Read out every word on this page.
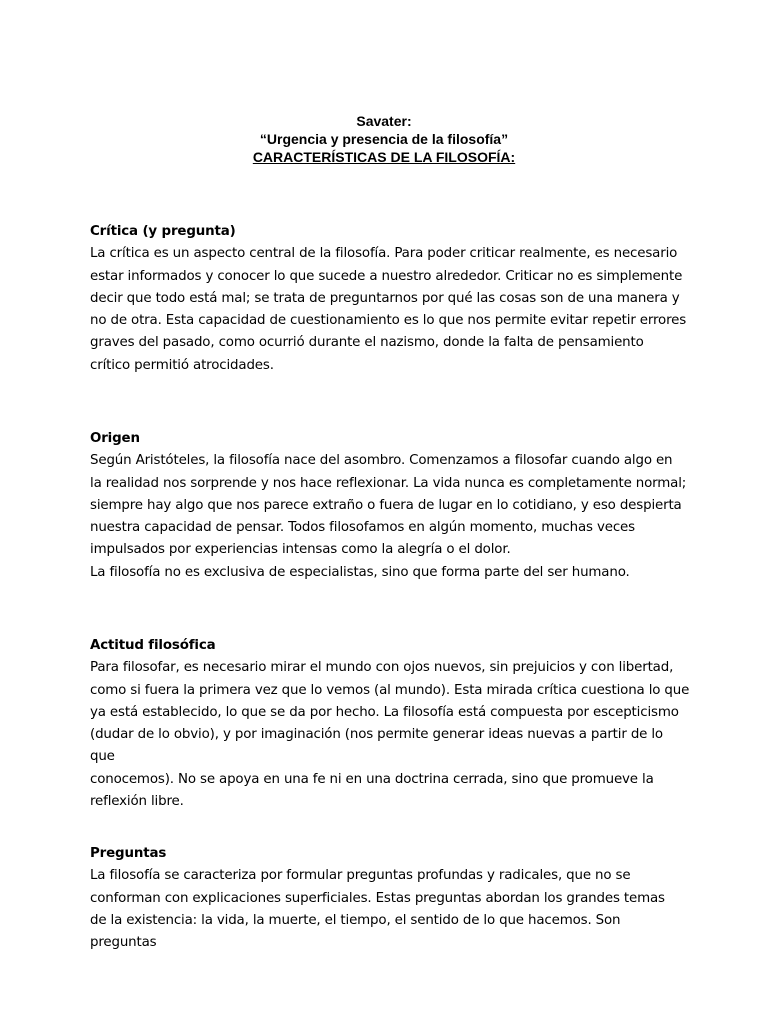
Savater:
“Urgencia y presencia de la filosofía”
CARACTERÍSTICAS DE LA FILOSOFÍA:
Crítica (y pregunta)
La crítica es un aspecto central de la filosofía. Para poder criticar realmente, es necesario
estar informados y conocer lo que sucede a nuestro alrededor. Criticar no es simplemente
decir que todo está mal; se trata de preguntarnos por qué las cosas son de una manera y
no de otra. Esta capacidad de cuestionamiento es lo que nos permite evitar repetir errores
graves del pasado, como ocurrió durante el nazismo, donde la falta de pensamiento
crítico permitió atrocidades.
Origen
Según Aristóteles, la filosofía nace del asombro. Comenzamos a filosofar cuando algo en
la realidad nos sorprende y nos hace reflexionar. La vida nunca es completamente normal;
siempre hay algo que nos parece extraño o fuera de lugar en lo cotidiano, y eso despierta
nuestra capacidad de pensar. Todos filosofamos en algún momento, muchas veces
impulsados por experiencias intensas como la alegría o el dolor.
La filosofía no es exclusiva de especialistas, sino que forma parte del ser humano.
Actitud filosófica
Para filosofar, es necesario mirar el mundo con ojos nuevos, sin prejuicios y con libertad,
como si fuera la primera vez que lo vemos (al mundo). Esta mirada crítica cuestiona lo que
ya está establecido, lo que se da por hecho. La filosofía está compuesta por escepticismo
(dudar de lo obvio), y por imaginación (nos permite generar ideas nuevas a partir de lo que
conocemos). No se apoya en una fe ni en una doctrina cerrada, sino que promueve la
reflexión libre.
Preguntas
La filosofía se caracteriza por formular preguntas profundas y radicales, que no se
conforman con explicaciones superficiales. Estas preguntas abordan los grandes temas
de la existencia: la vida, la muerte, el tiempo, el sentido de lo que hacemos. Son preguntas
